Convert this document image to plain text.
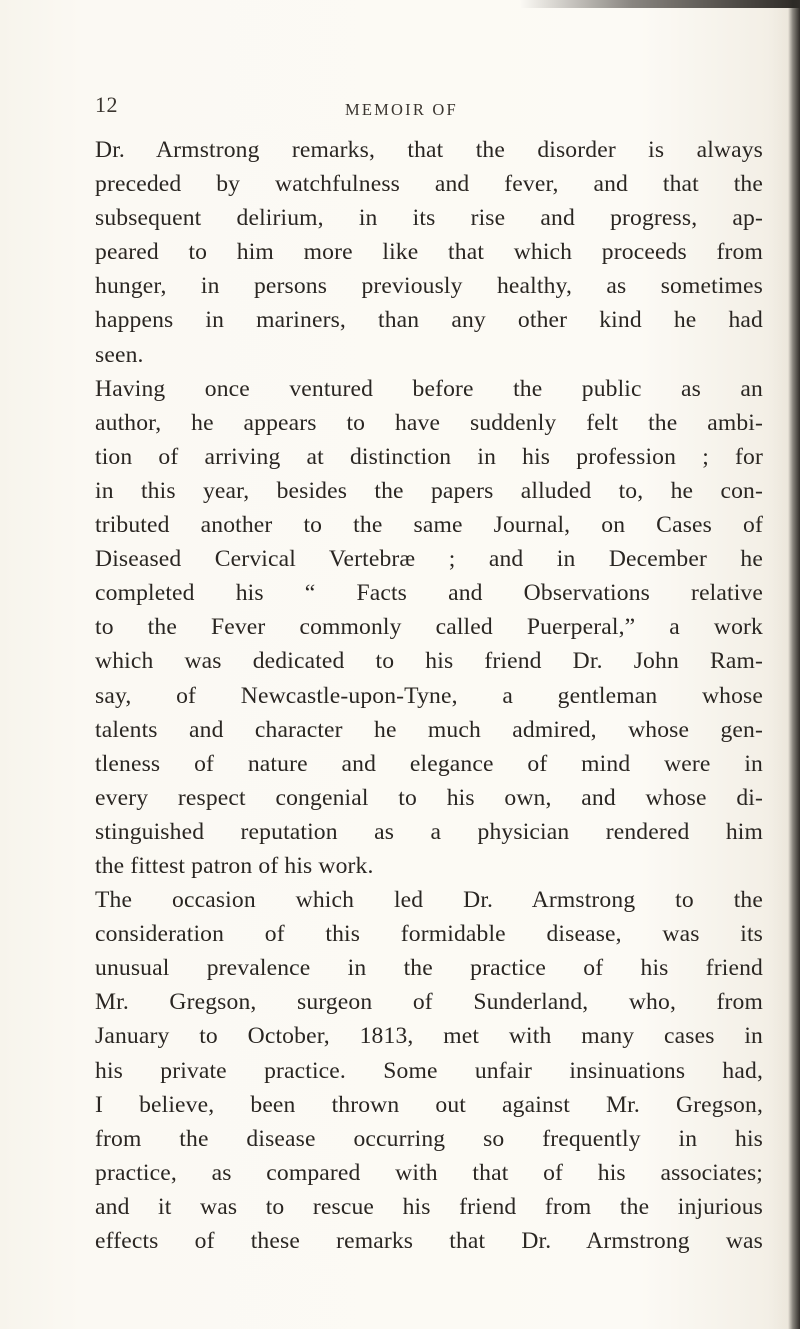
12	MEMOIR OF
Dr. Armstrong remarks, that the disorder is always
preceded by watchfulness and fever, and that the
subsequent delirium, in its rise and progress, ap-
peared to him more like that which proceeds from
hunger, in persons previously healthy, as sometimes
happens in mariners, than any other kind he had
seen.
Having once ventured before the public as an
author, he appears to have suddenly felt the ambi-
tion of arriving at distinction in his profession ; for
in this year, besides the papers alluded to, he con-
tributed another to the same Journal, on Cases of
Diseased Cervical Vertebræ ; and in December he
completed his “ Facts and Observations relative
to the Fever commonly called Puerperal,” a work
which was dedicated to his friend Dr. John Ram-
say, of Newcastle-upon-Tyne, a gentleman whose
talents and character he much admired, whose gen-
tleness of nature and elegance of mind were in
every respect congenial to his own, and whose di-
stinguished reputation as a physician rendered him
the fittest patron of his work.
The occasion which led Dr. Armstrong to the
consideration of this formidable disease, was its
unusual prevalence in the practice of his friend
Mr. Gregson, surgeon of Sunderland, who, from
January to October, 1813, met with many cases in
his private practice. Some unfair insinuations had,
I believe, been thrown out against Mr. Gregson,
from the disease occurring so frequently in his
practice, as compared with that of his associates;
and it was to rescue his friend from the injurious
effects of these remarks that Dr. Armstrong was
